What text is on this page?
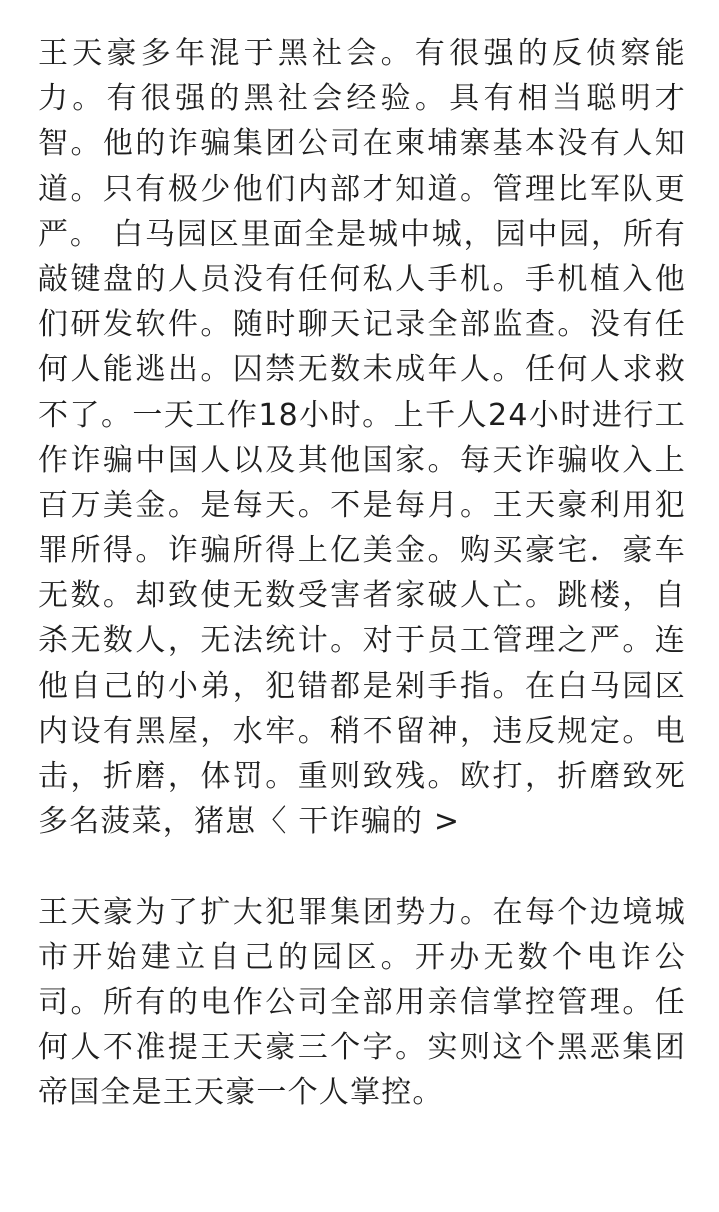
王天豪多年混于黑社会。有很强的反侦察能
力。有很强的黑社会经验。具有相当聪明才
智。他的诈骗集团公司在柬埔寨基本没有人知
道。只有极少他们内部才知道。管理比军队更
严。 白马园区里面全是城中城，园中园，所有
敲键盘的人员没有任何私人手机。手机植入他
们研发软件。随时聊天记录全部监查。没有任
何人能逃出。囚禁无数未成年人。任何人求救
不了。一天工作18小时。上千人24小时进行工
作诈骗中国人以及其他国家。每天诈骗收入上
百万美金。是每天。不是每月。王天豪利用犯
罪所得。诈骗所得上亿美金。购买豪宅．豪车
无数。却致使无数受害者家破人亡。跳楼，自
杀无数人，无法统计。对于员工管理之严。连
他自己的小弟，犯错都是剁手指。在白马园区
内设有黑屋，水牢。稍不留神，违反规定。电
击，折磨，体罚。重则致残。欧打，折磨致死
多名菠菜，猪崽〈 干诈骗的 >
王天豪为了扩大犯罪集团势力。在每个边境城
市开始建立自己的园区。开办无数个电诈公
司。所有的电作公司全部用亲信掌控管理。任
何人不准提王天豪三个字。实则这个黑恶集团
帝国全是王天豪一个人掌控。
